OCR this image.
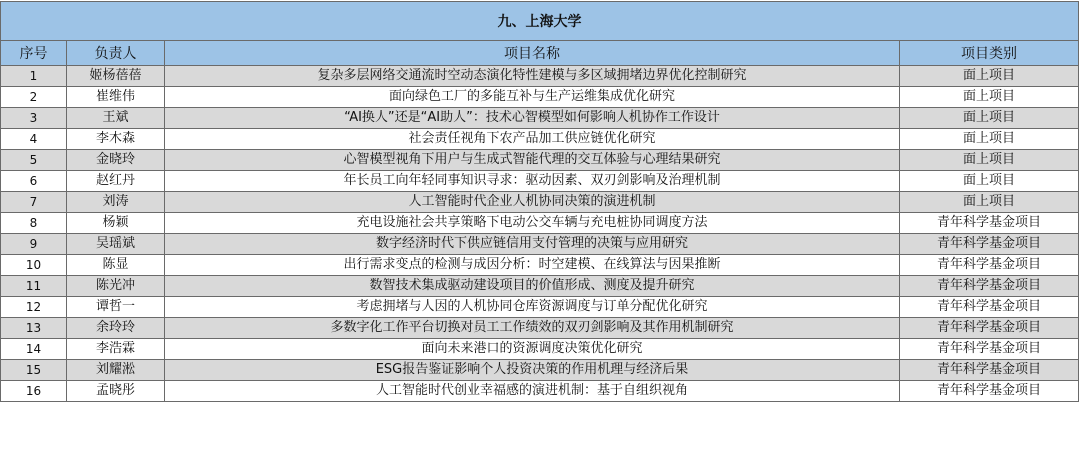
九、上海大学			
序号	负责人	项目名称	项目类别
1	姬杨蓓蓓	复杂多层网络交通流时空动态演化特性建模与多区域拥堵边界优化控制研究	面上项目
2	崔维伟	面向绿色工厂的多能互补与生产运维集成优化研究	面上项目
3	王斌	“AI换人”还是“AI助人”：技术心智模型如何影响人机协作工作设计	面上项目
4	李木森	社会责任视角下农产品加工供应链优化研究	面上项目
5	金晓玲	心智模型视角下用户与生成式智能代理的交互体验与心理结果研究	面上项目
6	赵红丹	年长员工向年轻同事知识寻求：驱动因素、双刃剑影响及治理机制	面上项目
7	刘涛	人工智能时代企业人机协同决策的演进机制	面上项目
8	杨颖	充电设施社会共享策略下电动公交车辆与充电桩协同调度方法	青年科学基金项目
9	吴瑶斌	数字经济时代下供应链信用支付管理的决策与应用研究	青年科学基金项目
10	陈显	出行需求变点的检测与成因分析：时空建模、在线算法与因果推断	青年科学基金项目
11	陈光冲	数智技术集成驱动建设项目的价值形成、测度及提升研究	青年科学基金项目
12	谭哲一	考虑拥堵与人因的人机协同仓库资源调度与订单分配优化研究	青年科学基金项目
13	余玲玲	多数字化工作平台切换对员工工作绩效的双刃剑影响及其作用机制研究	青年科学基金项目
14	李浩霖	面向未来港口的资源调度决策优化研究	青年科学基金项目
15	刘耀淞	ESG报告鉴证影响个人投资决策的作用机理与经济后果	青年科学基金项目
16	孟晓彤	人工智能时代创业幸福感的演进机制：基于自组织视角	青年科学基金项目
